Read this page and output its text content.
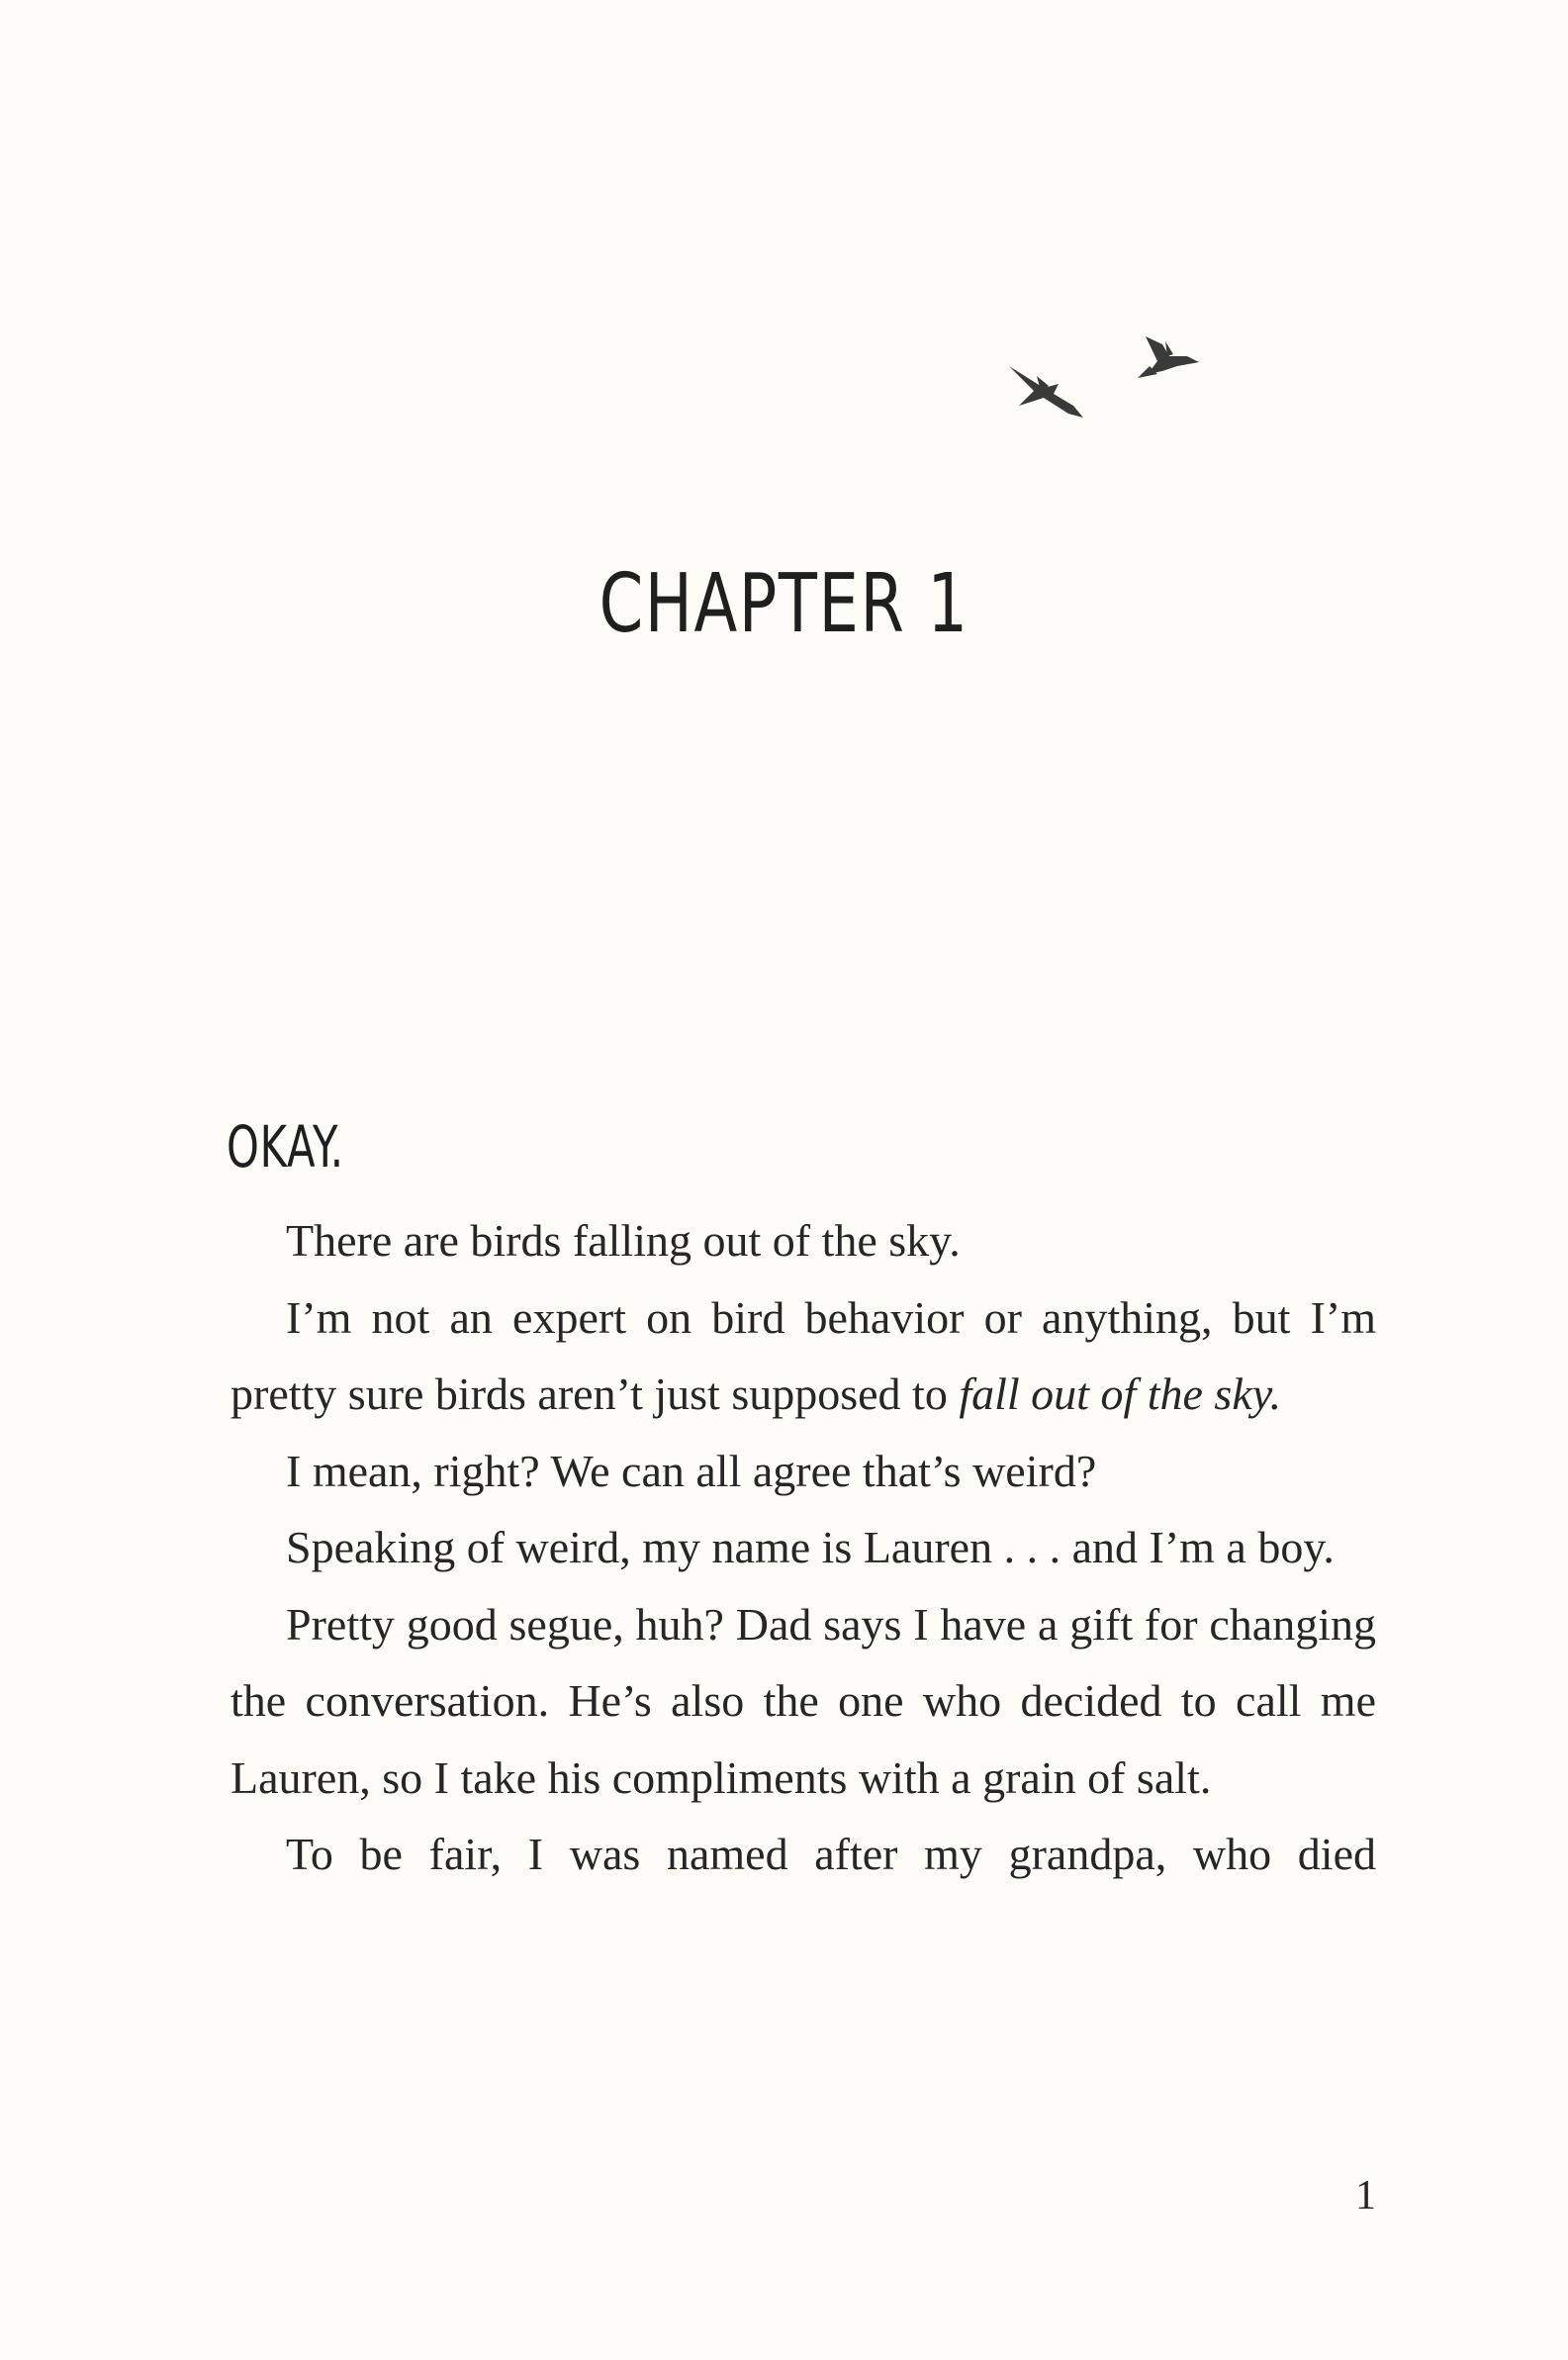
CHAPTER 1
OKAY.

There are birds falling out of the sky.

I’m not an expert on bird behavior or anything, but I’m pretty sure birds aren’t just supposed to fall out of the sky.

I mean, right? We can all agree that’s weird?

Speaking of weird, my name is Lauren . . . and I’m a boy.

Pretty good segue, huh? Dad says I have a gift for changing the conversation. He’s also the one who decided to call me Lauren, so I take his compliments with a grain of salt.

To be fair, I was named after my grandpa, who died

1
